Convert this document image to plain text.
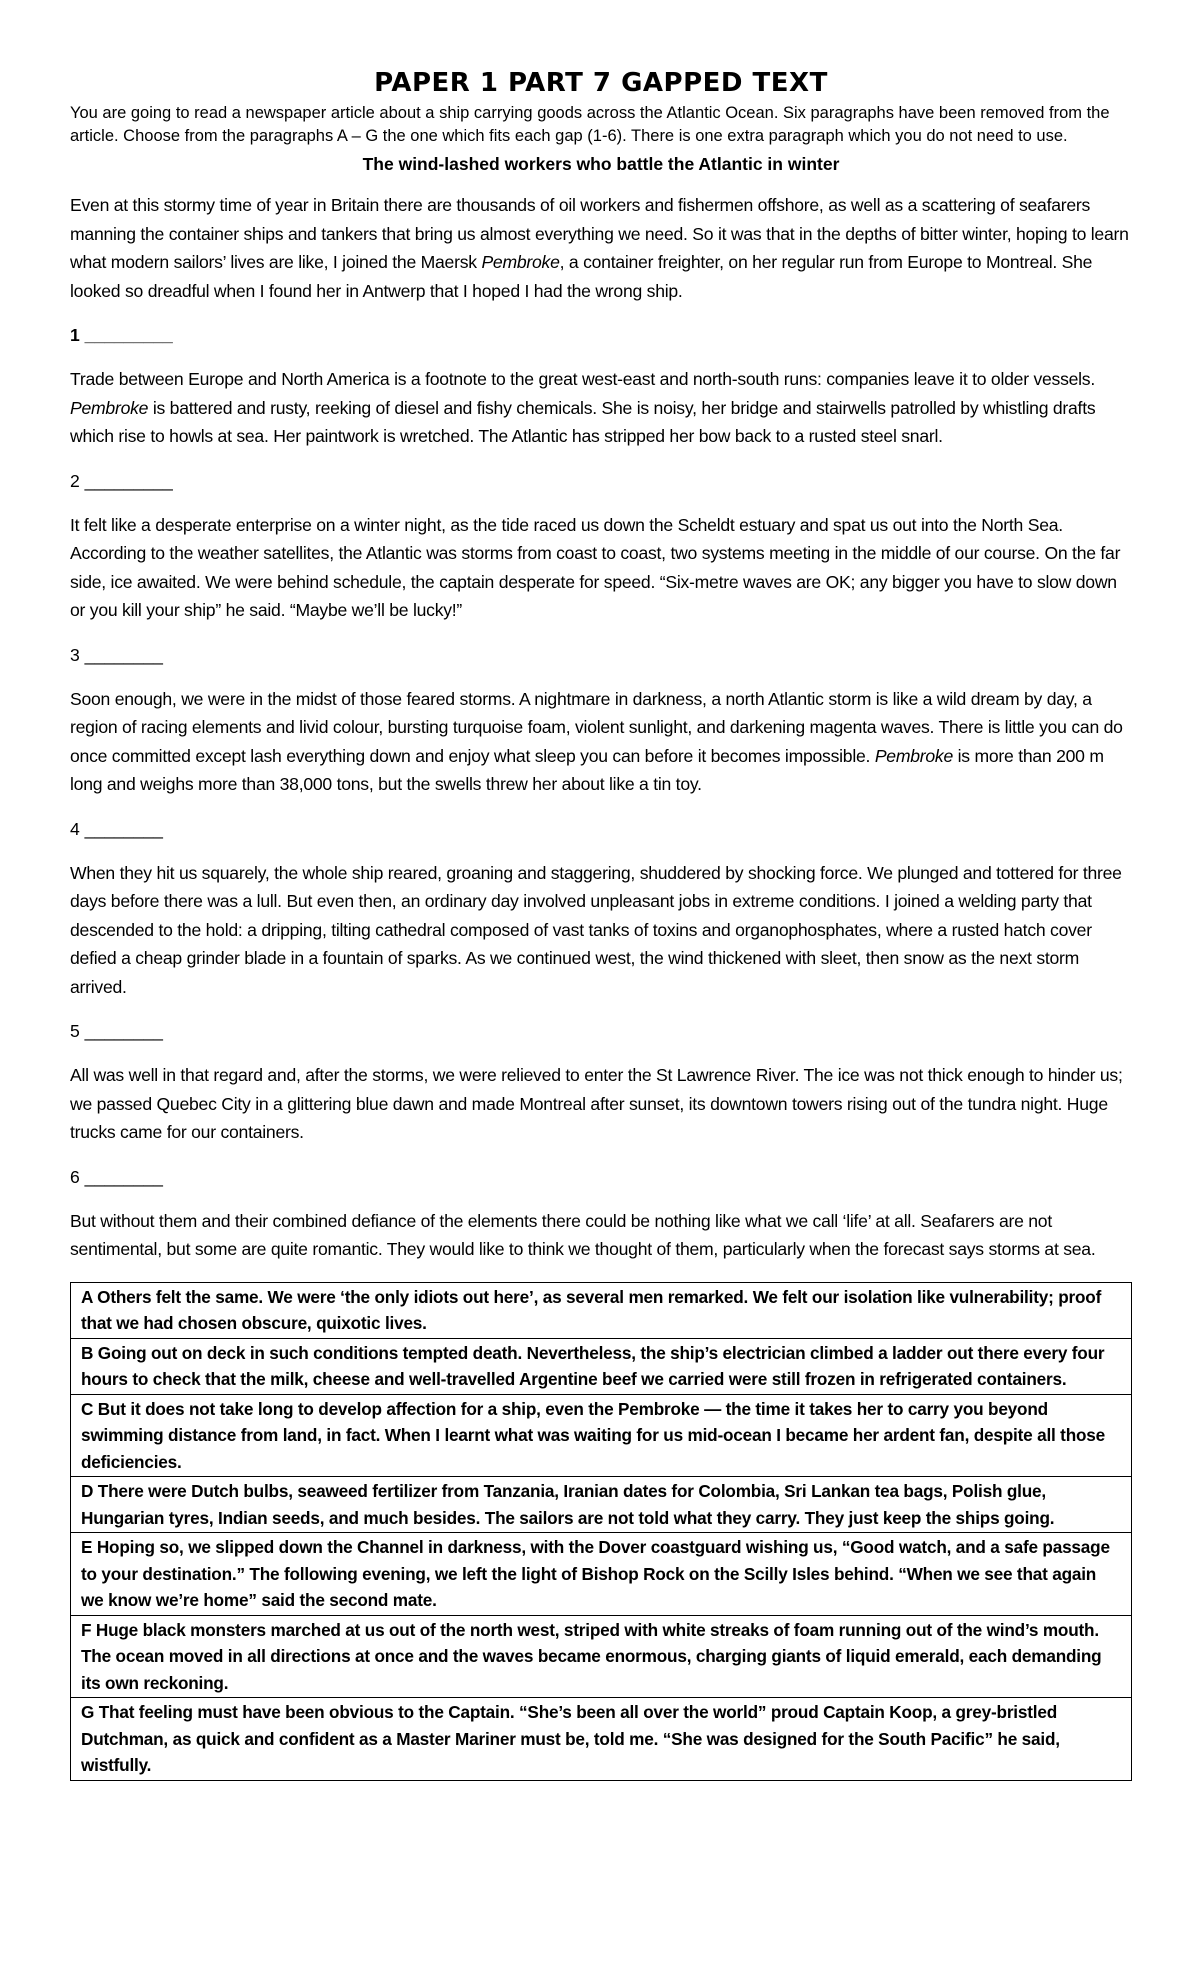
PAPER 1 PART 7 GAPPED TEXT

You are going to read a newspaper article about a ship carrying goods across the Atlantic Ocean. Six paragraphs have been removed from the article. Choose from the paragraphs A – G the one which fits each gap (1-6). There is one extra paragraph which you do not need to use.

The wind-lashed workers who battle the Atlantic in winter

Even at this stormy time of year in Britain there are thousands of oil workers and fishermen offshore, as well as a scattering of seafarers manning the container ships and tankers that bring us almost everything we need. So it was that in the depths of bitter winter, hoping to learn what modern sailors’ lives are like, I joined the Maersk Pembroke, a container freighter, on her regular run from Europe to Montreal. She looked so dreadful when I found her in Antwerp that I hoped I had the wrong ship.

1 _________

Trade between Europe and North America is a footnote to the great west-east and north-south runs: companies leave it to older vessels. Pembroke is battered and rusty, reeking of diesel and fishy chemicals. She is noisy, her bridge and stairwells patrolled by whistling drafts which rise to howls at sea. Her paintwork is wretched. The Atlantic has stripped her bow back to a rusted steel snarl.

2 _________

It felt like a desperate enterprise on a winter night, as the tide raced us down the Scheldt estuary and spat us out into the North Sea. According to the weather satellites, the Atlantic was storms from coast to coast, two systems meeting in the middle of our course. On the far side, ice awaited. We were behind schedule, the captain desperate for speed. “Six-metre waves are OK; any bigger you have to slow down or you kill your ship” he said. “Maybe we’ll be lucky!”

3 ________

Soon enough, we were in the midst of those feared storms. A nightmare in darkness, a north Atlantic storm is like a wild dream by day, a region of racing elements and livid colour, bursting turquoise foam, violent sunlight, and darkening magenta waves. There is little you can do once committed except lash everything down and enjoy what sleep you can before it becomes impossible. Pembroke is more than 200 m long and weighs more than 38,000 tons, but the swells threw her about like a tin toy.

4 ________

When they hit us squarely, the whole ship reared, groaning and staggering, shuddered by shocking force. We plunged and tottered for three days before there was a lull. But even then, an ordinary day involved unpleasant jobs in extreme conditions. I joined a welding party that descended to the hold: a dripping, tilting cathedral composed of vast tanks of toxins and organophosphates, where a rusted hatch cover defied a cheap grinder blade in a fountain of sparks. As we continued west, the wind thickened with sleet, then snow as the next storm arrived.

5 ________

All was well in that regard and, after the storms, we were relieved to enter the St Lawrence River. The ice was not thick enough to hinder us; we passed Quebec City in a glittering blue dawn and made Montreal after sunset, its downtown towers rising out of the tundra night. Huge trucks came for our containers.

6 ________

But without them and their combined defiance of the elements there could be nothing like what we call ‘life’ at all. Seafarers are not sentimental, but some are quite romantic. They would like to think we thought of them, particularly when the forecast says storms at sea.

A Others felt the same. We were ‘the only idiots out here’, as several men remarked. We felt our isolation like vulnerability; proof that we had chosen obscure, quixotic lives.
B Going out on deck in such conditions tempted death. Nevertheless, the ship’s electrician climbed a ladder out there every four hours to check that the milk, cheese and well-travelled Argentine beef we carried were still frozen in refrigerated containers.
C But it does not take long to develop affection for a ship, even the Pembroke — the time it takes her to carry you beyond swimming distance from land, in fact. When I learnt what was waiting for us mid-ocean I became her ardent fan, despite all those deficiencies.
D There were Dutch bulbs, seaweed fertilizer from Tanzania, Iranian dates for Colombia, Sri Lankan tea bags, Polish glue, Hungarian tyres, Indian seeds, and much besides. The sailors are not told what they carry. They just keep the ships going.
E Hoping so, we slipped down the Channel in darkness, with the Dover coastguard wishing us, “Good watch, and a safe passage to your destination.” The following evening, we left the light of Bishop Rock on the Scilly Isles behind. “When we see that again we know we’re home” said the second mate.
F Huge black monsters marched at us out of the north west, striped with white streaks of foam running out of the wind’s mouth. The ocean moved in all directions at once and the waves became enormous, charging giants of liquid emerald, each demanding its own reckoning.
G That feeling must have been obvious to the Captain. “She’s been all over the world” proud Captain Koop, a grey-bristled Dutchman, as quick and confident as a Master Mariner must be, told me. “She was designed for the South Pacific” he said, wistfully.
